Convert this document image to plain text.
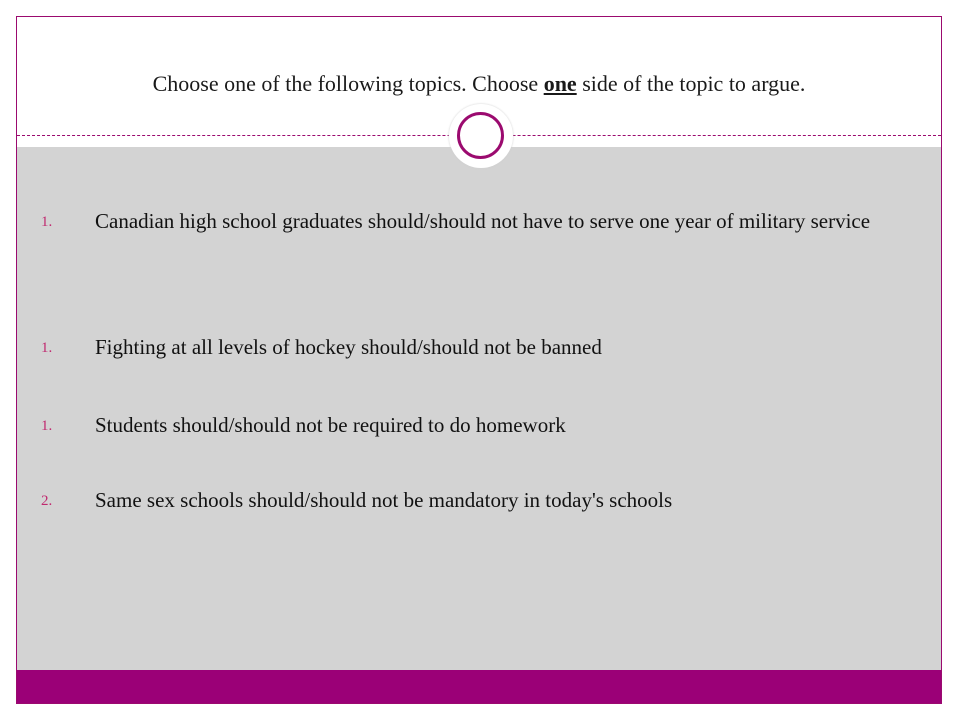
Choose one of the following topics. Choose one side of the topic to argue.
1. Canadian high school graduates should/should not have to serve one year of military service
1. Fighting at all levels of hockey should/should not be banned
1. Students should/should not be required to do homework
2. Same sex schools should/should not be mandatory in today's schools
